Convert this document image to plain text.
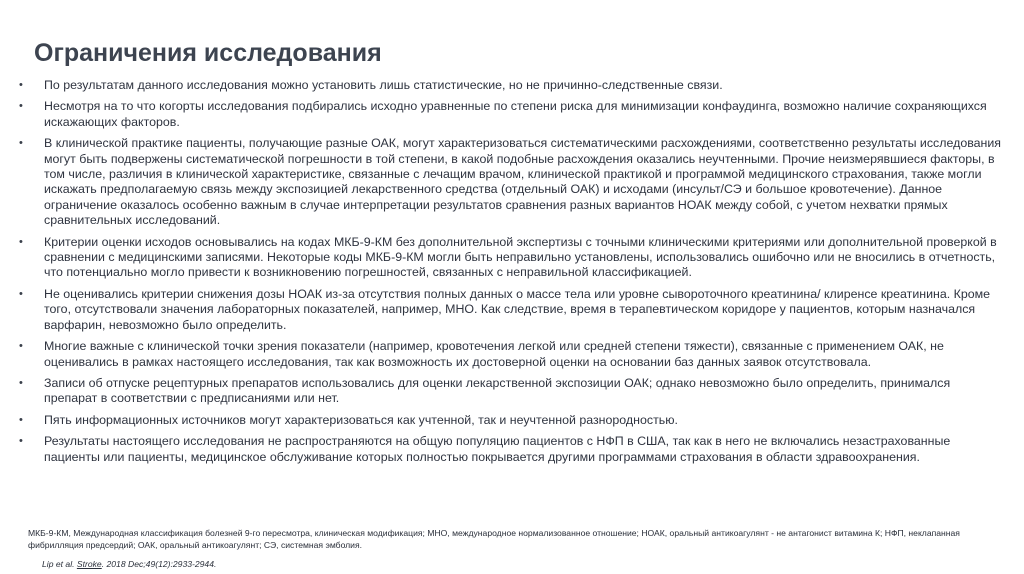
Ограничения исследования
• По результатам данного исследования можно установить лишь статистические, но не причинно-следственные связи.
• Несмотря на то что когорты исследования подбирались исходно уравненные по степени риска для минимизации конфаудинга, возможно наличие сохраняющихся искажающих факторов.
• В клинической практике пациенты, получающие разные ОАК, могут характеризоваться систематическими расхождениями, соответственно результаты исследования могут быть подвержены систематической погрешности в той степени, в какой подобные расхождения оказались неучтенными. Прочие неизмерявшиеся факторы, в том числе, различия в клинической характеристике, связанные с лечащим врачом, клинической практикой и программой медицинского страхования, также могли искажать предполагаемую связь между экспозицией лекарственного средства (отдельный ОАК) и исходами (инсульт/СЭ и большое кровотечение). Данное ограничение оказалось особенно важным в случае интерпретации результатов сравнения разных вариантов НОАК между собой, с учетом нехватки прямых сравнительных исследований.
• Критерии оценки исходов основывались на кодах МКБ-9-КМ без дополнительной экспертизы с точными клиническими критериями или дополнительной проверкой в сравнении с медицинскими записями. Некоторые коды МКБ-9-КМ могли быть неправильно установлены, использовались ошибочно или не вносились в отчетность, что потенциально могло привести к возникновению погрешностей, связанных с неправильной классификацией.
• Не оценивались критерии снижения дозы НОАК из-за отсутствия полных данных о массе тела или уровне сывороточного креатинина/ клиренсе креатинина. Кроме того, отсутствовали значения лабораторных показателей, например, МНО. Как следствие, время в терапевтическом коридоре у пациентов, которым назначался варфарин, невозможно было определить.
• Многие важные с клинической точки зрения показатели (например, кровотечения легкой или средней степени тяжести), связанные с применением ОАК, не оценивались в рамках настоящего исследования, так как возможность их достоверной оценки на основании баз данных заявок отсутствовала.
• Записи об отпуске рецептурных препаратов использовались для оценки лекарственной экспозиции ОАК; однако невозможно было определить, принимался препарат в соответствии с предписаниями или нет.
• Пять информационных источников могут характеризоваться как учтенной, так и неучтенной разнородностью.
• Результаты настоящего исследования не распространяются на общую популяцию пациентов с НФП в США, так как в него не включались незастрахованные пациенты или пациенты, медицинское обслуживание которых полностью покрывается другими программами страхования в области здравоохранения.

МКБ-9-КМ, Международная классификация болезней 9-го пересмотра, клиническая модификация; МНО, международное нормализованное отношение; НОАК, оральный антикоагулянт - не антагонист витамина К; НФП, неклапанная фибрилляция предсердий; ОАК, оральный антикоагулянт; СЭ, системная эмболия.

Lip et al. Stroke. 2018 Dec;49(12):2933-2944.
